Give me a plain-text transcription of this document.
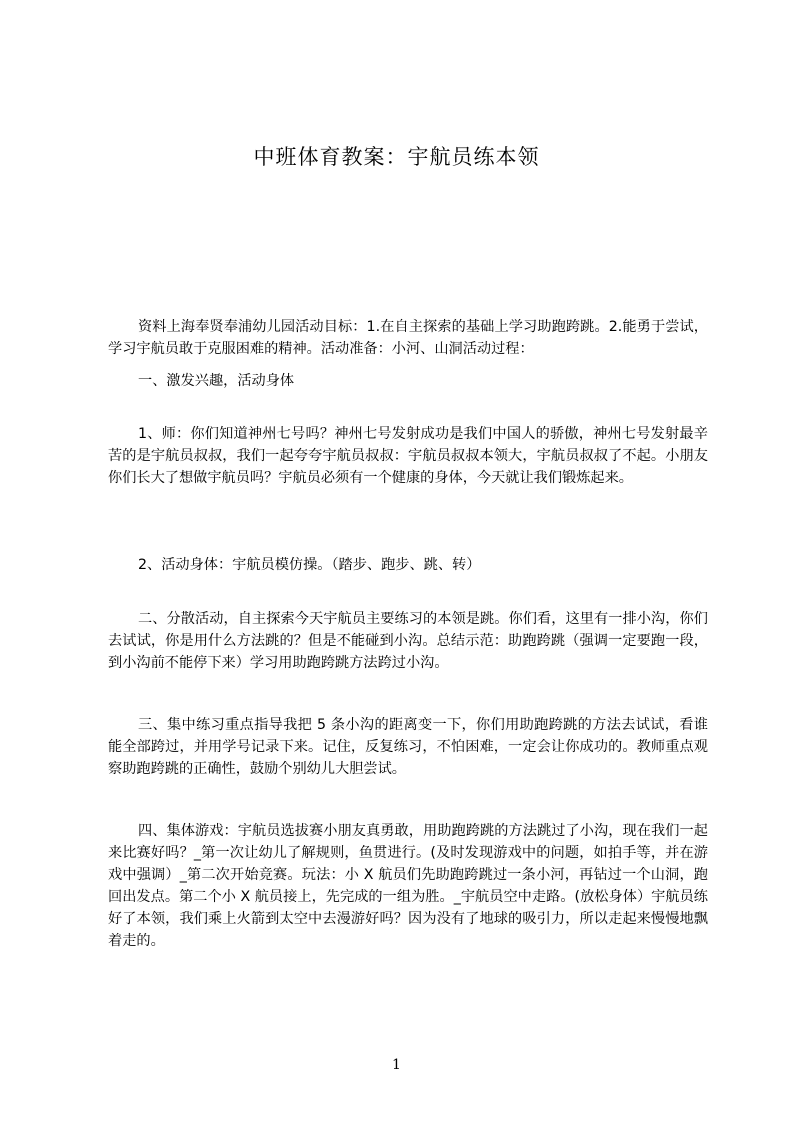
中班体育教案：宇航员练本领

资料上海奉贤奉浦幼儿园活动目标：1.在自主探索的基础上学习助跑跨跳。2.能勇于尝试，学习宇航员敢于克服困难的精神。活动准备：小河、山洞活动过程：

一、激发兴趣，活动身体

1、师：你们知道神州七号吗？神州七号发射成功是我们中国人的骄傲，神州七号发射最辛苦的是宇航员叔叔，我们一起夸夸宇航员叔叔：宇航员叔叔本领大，宇航员叔叔了不起。小朋友你们长大了想做宇航员吗？宇航员必须有一个健康的身体，今天就让我们锻炼起来。

2、活动身体：宇航员模仿操。（踏步、跑步、跳、转）

二、分散活动，自主探索今天宇航员主要练习的本领是跳。你们看，这里有一排小沟，你们去试试，你是用什么方法跳的？但是不能碰到小沟。总结示范：助跑跨跳（强调一定要跑一段，到小沟前不能停下来）学习用助跑跨跳方法跨过小沟。

三、集中练习重点指导我把 5 条小沟的距离变一下，你们用助跑跨跳的方法去试试，看谁能全部跨过，并用学号记录下来。记住，反复练习，不怕困难，一定会让你成功的。教师重点观察助跑跨跳的正确性，鼓励个别幼儿大胆尝试。

四、集体游戏：宇航员选拔赛小朋友真勇敢，用助跑跨跳的方法跳过了小沟，现在我们一起来比赛好吗？_第一次让幼儿了解规则，鱼贯进行。(及时发现游戏中的问题，如拍手等，并在游戏中强调）_第二次开始竞赛。玩法：小 X 航员们先助跑跨跳过一条小河，再钻过一个山洞，跑回出发点。第二个小 X 航员接上，先完成的一组为胜。_宇航员空中走路。(放松身体）宇航员练好了本领，我们乘上火箭到太空中去漫游好吗？因为没有了地球的吸引力，所以走起来慢慢地飘着走的。

1
